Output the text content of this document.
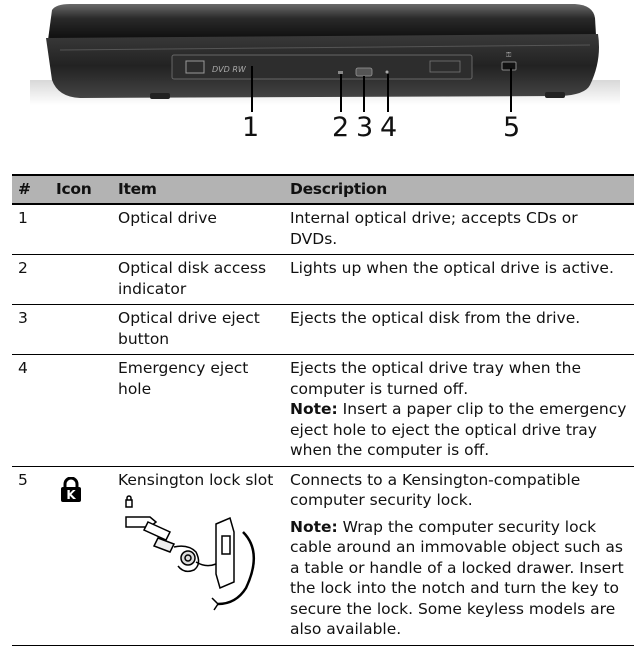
DVD RW
⚿
1	2 3 4	5
#	Icon	Item	Description
1		Optical drive	Internal optical drive; accepts CDs or DVDs.
2		Optical disk access indicator	Lights up when the optical drive is active.
3		Optical drive eject button	Ejects the optical disk from the drive.
4		Emergency eject hole	Ejects the optical drive tray when the computer is turned off.

Note: Insert a paper clip to the emergency eject hole to eject the optical drive tray when the computer is off.

5	K	Kensington lock slot	Connects to a Kensington-compatible computer security lock.

Note: Wrap the computer security lock cable around an immovable object such as a table or handle of a locked drawer. Insert the lock into the notch and turn the key to secure the lock. Some keyless models are also available.
